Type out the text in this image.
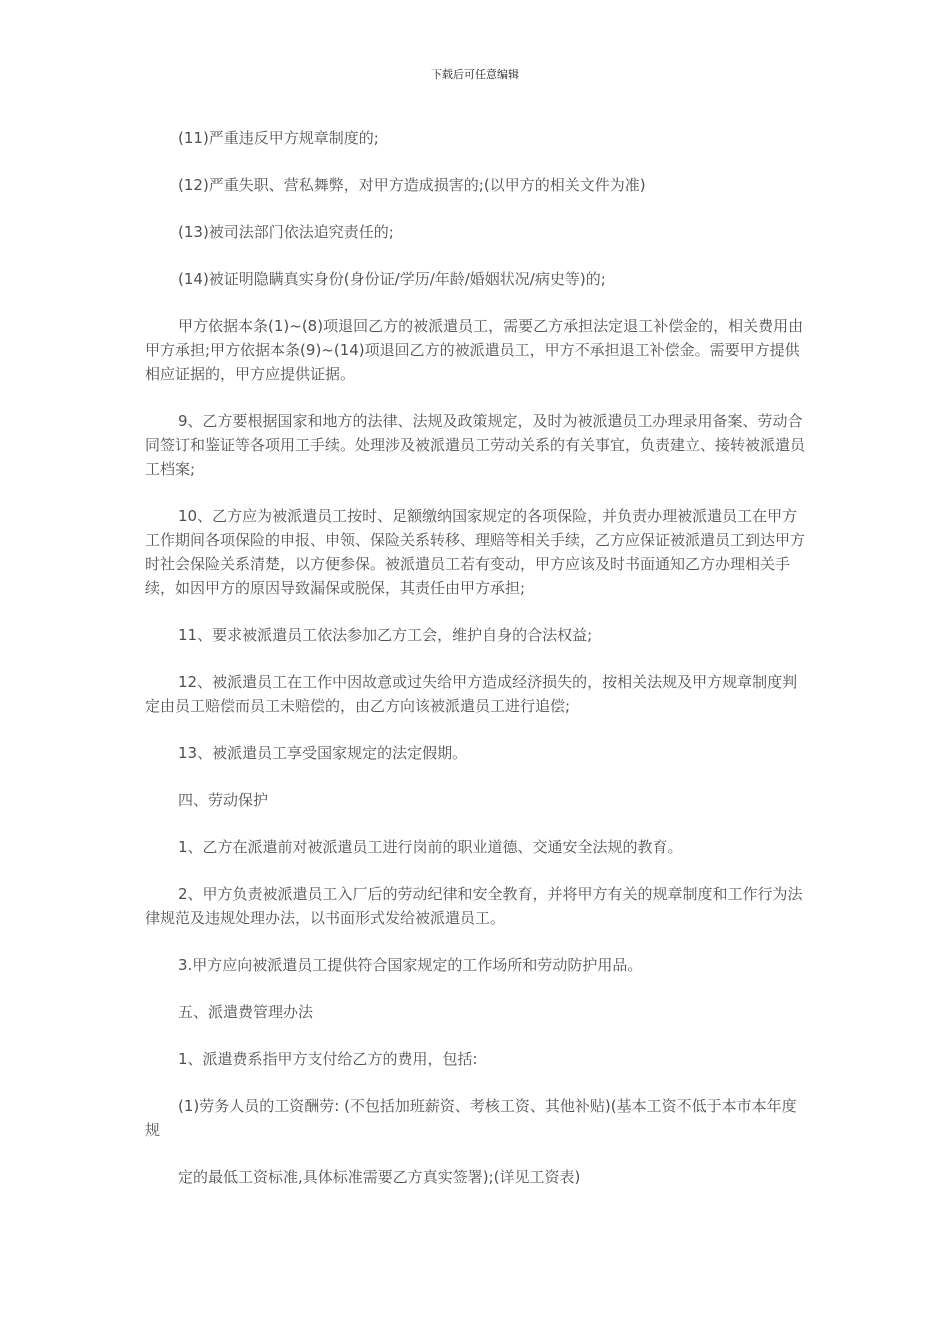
下载后可任意编辑

(11)严重违反甲方规章制度的;

(12)严重失职、营私舞弊，对甲方造成损害的;(以甲方的相关文件为准)

(13)被司法部门依法追究责任的;

(14)被证明隐瞒真实身份(身份证/学历/年龄/婚姻状况/病史等)的;

甲方依据本条(1)~(8)项退回乙方的被派遣员工，需要乙方承担法定退工补偿金的，相关费用由甲方承担;甲方依据本条(9)~(14)项退回乙方的被派遣员工，甲方不承担退工补偿金。需要甲方提供相应证据的，甲方应提供证据。

9、乙方要根据国家和地方的法律、法规及政策规定，及时为被派遣员工办理录用备案、劳动合同签订和鉴证等各项用工手续。处理涉及被派遣员工劳动关系的有关事宜，负责建立、接转被派遣员工档案;

10、乙方应为被派遣员工按时、足额缴纳国家规定的各项保险，并负责办理被派遣员工在甲方工作期间各项保险的申报、申领、保险关系转移、理赔等相关手续，乙方应保证被派遣员工到达甲方时社会保险关系清楚，以方便参保。被派遣员工若有变动，甲方应该及时书面通知乙方办理相关手续，如因甲方的原因导致漏保或脱保，其责任由甲方承担;

11、要求被派遣员工依法参加乙方工会，维护自身的合法权益;

12、被派遣员工在工作中因故意或过失给甲方造成经济损失的，按相关法规及甲方规章制度判定由员工赔偿而员工未赔偿的，由乙方向该被派遣员工进行追偿;

13、被派遣员工享受国家规定的法定假期。

四、劳动保护

1、乙方在派遣前对被派遣员工进行岗前的职业道德、交通安全法规的教育。

2、甲方负责被派遣员工入厂后的劳动纪律和安全教育，并将甲方有关的规章制度和工作行为法律规范及违规处理办法，以书面形式发给被派遣员工。

3.甲方应向被派遣员工提供符合国家规定的工作场所和劳动防护用品。

五、派遣费管理办法

1、派遣费系指甲方支付给乙方的费用，包括:

(1)劳务人员的工资酬劳: (不包括加班薪资、考核工资、其他补贴)(基本工资不低于本市本年度规

定的最低工资标准,具体标准需要乙方真实签署);(详见工资表)
